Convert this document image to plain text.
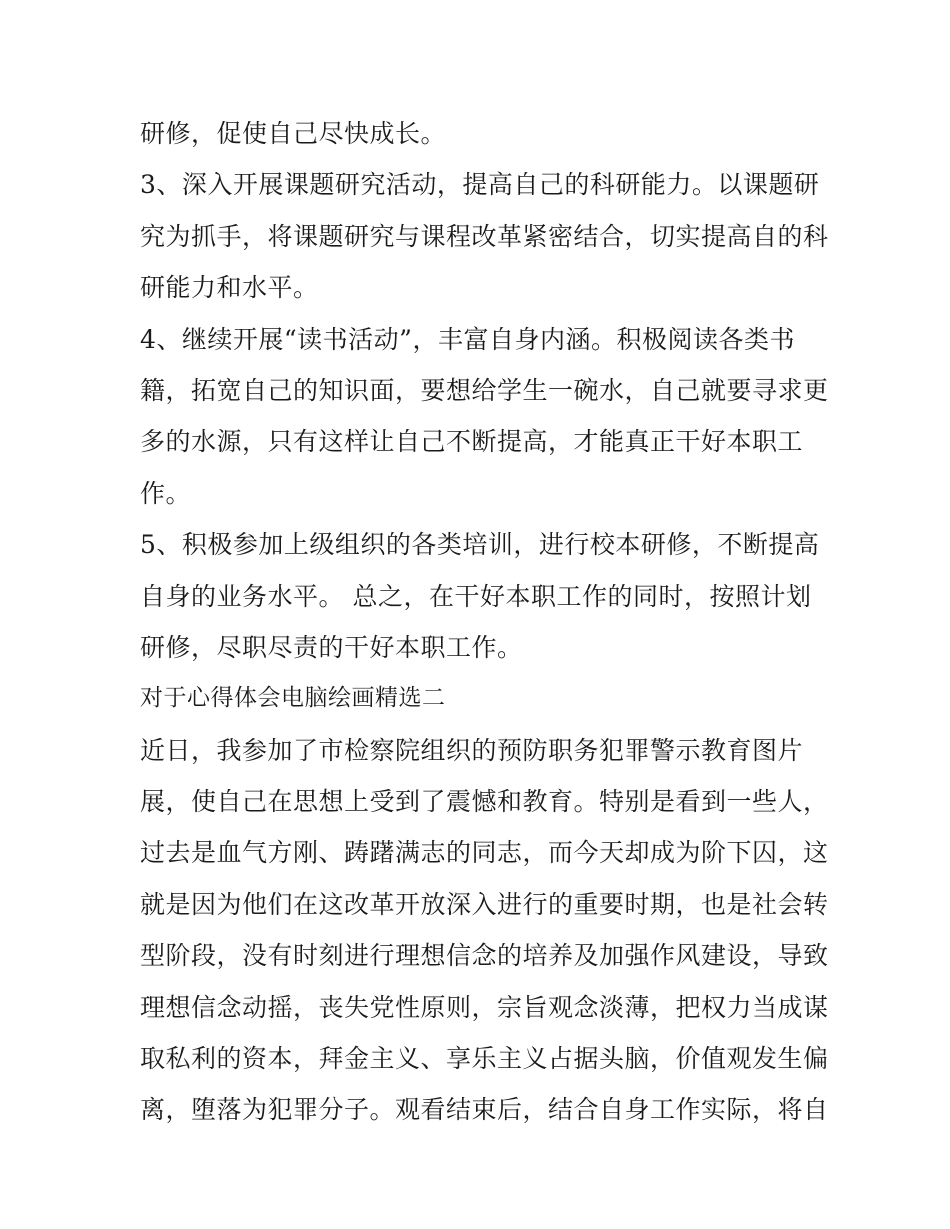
研修，促使自己尽快成长。
3、深入开展课题研究活动，提高自己的科研能力。以课题研
究为抓手，将课题研究与课程改革紧密结合，切实提高自的科
研能力和水平。
4、继续开展“读书活动”，丰富自身内涵。积极阅读各类书
籍，拓宽自己的知识面，要想给学生一碗水，自己就要寻求更
多的水源，只有这样让自己不断提高，才能真正干好本职工
作。
5、积极参加上级组织的各类培训，进行校本研修，不断提高
自身的业务水平。 总之，在干好本职工作的同时，按照计划
研修，尽职尽责的干好本职工作。
对于心得体会电脑绘画精选二
近日，我参加了市检察院组织的预防职务犯罪警示教育图片
展，使自己在思想上受到了震憾和教育。特别是看到一些人，
过去是血气方刚、踌躇满志的同志，而今天却成为阶下囚，这
就是因为他们在这改革开放深入进行的重要时期，也是社会转
型阶段，没有时刻进行理想信念的培养及加强作风建设，导致
理想信念动摇，丧失党性原则，宗旨观念淡薄，把权力当成谋
取私利的资本，拜金主义、享乐主义占据头脑，价值观发生偏
离，堕落为犯罪分子。观看结束后，结合自身工作实际，将自
